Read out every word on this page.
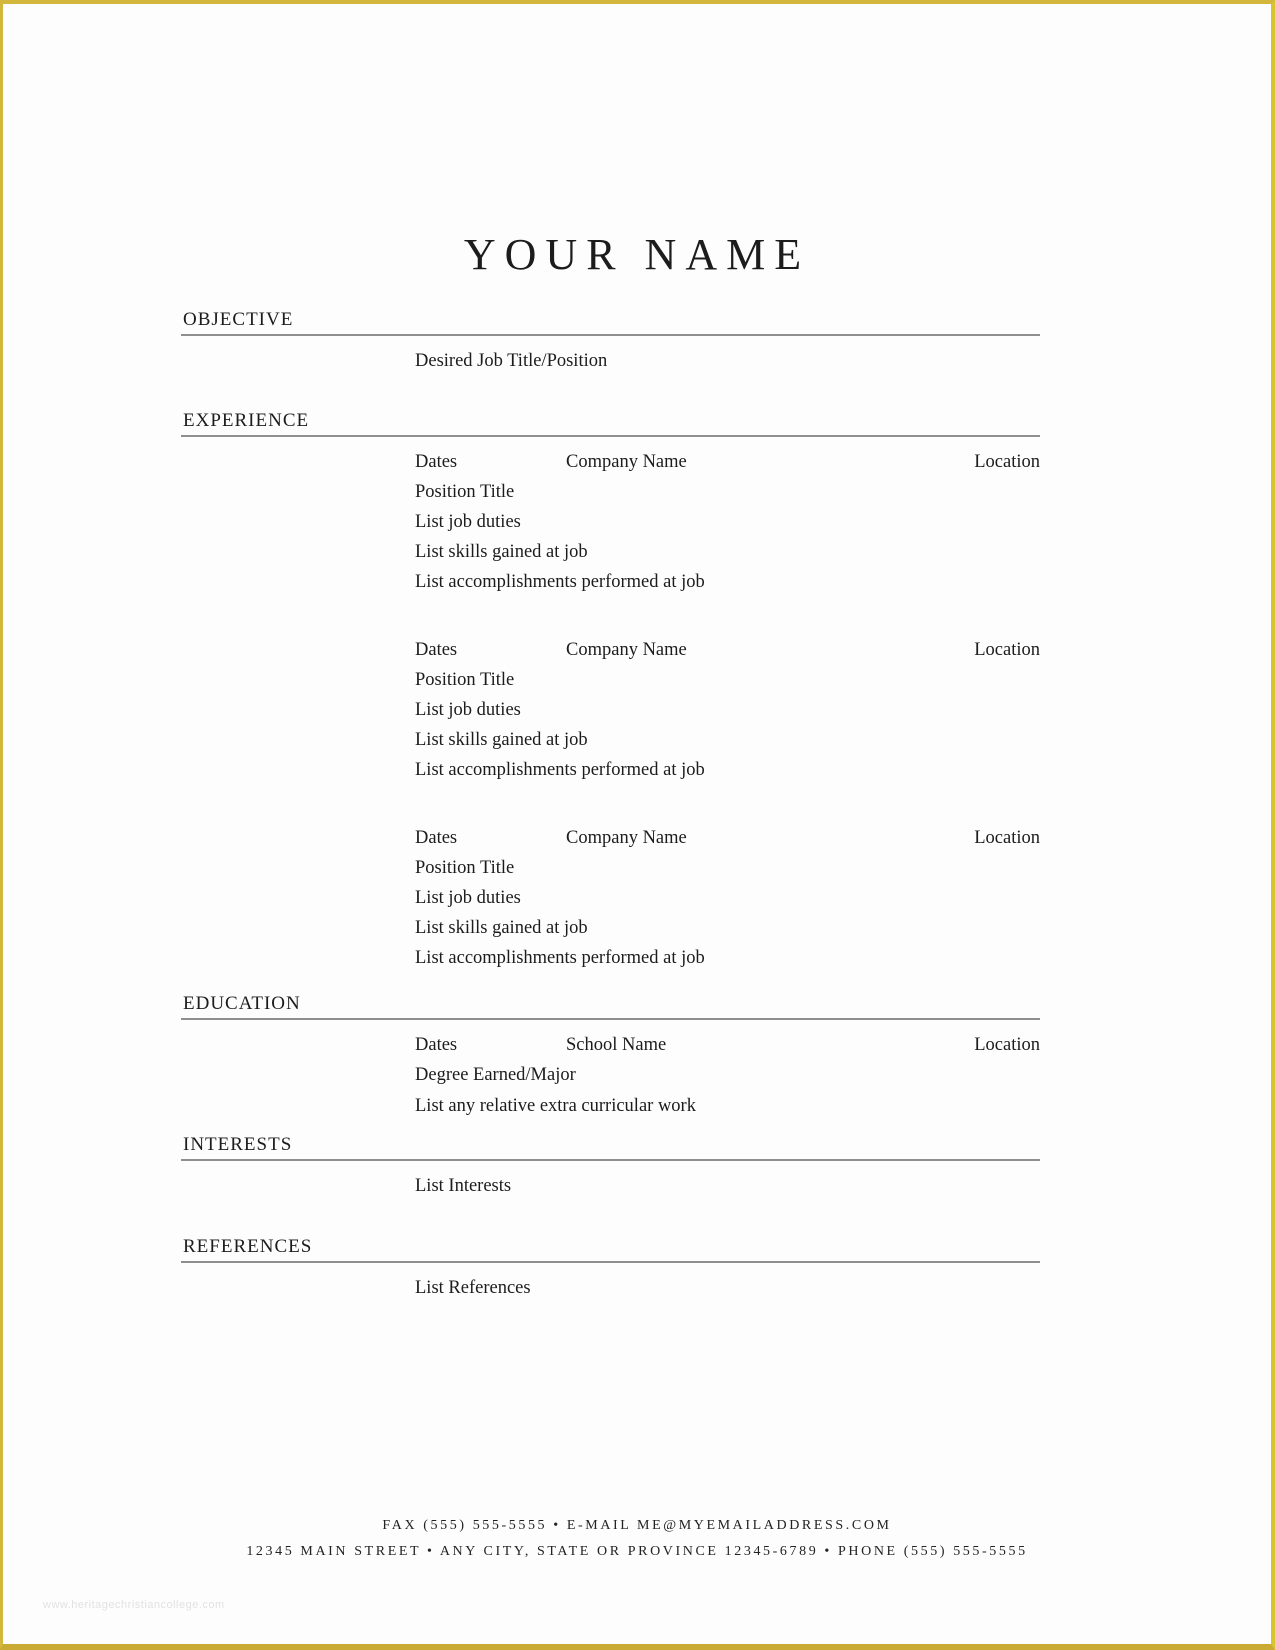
YOUR NAME
OBJECTIVE
Desired Job Title/Position
EXPERIENCE
Dates	Company Name	Location
Position Title
List job duties
List skills gained at job
List accomplishments performed at job
Dates	Company Name	Location
Position Title
List job duties
List skills gained at job
List accomplishments performed at job
Dates	Company Name	Location
Position Title
List job duties
List skills gained at job
List accomplishments performed at job
EDUCATION
Dates	School Name	Location
Degree Earned/Major
List any relative extra curricular work
INTERESTS
List Interests
REFERENCES
List References
FAX (555) 555-5555 • E-MAIL ME@MYEMAILADDRESS.COM
12345 MAIN STREET • ANY CITY, STATE OR PROVINCE 12345-6789 • PHONE (555) 555-5555
www.heritagechristiancollege.com
